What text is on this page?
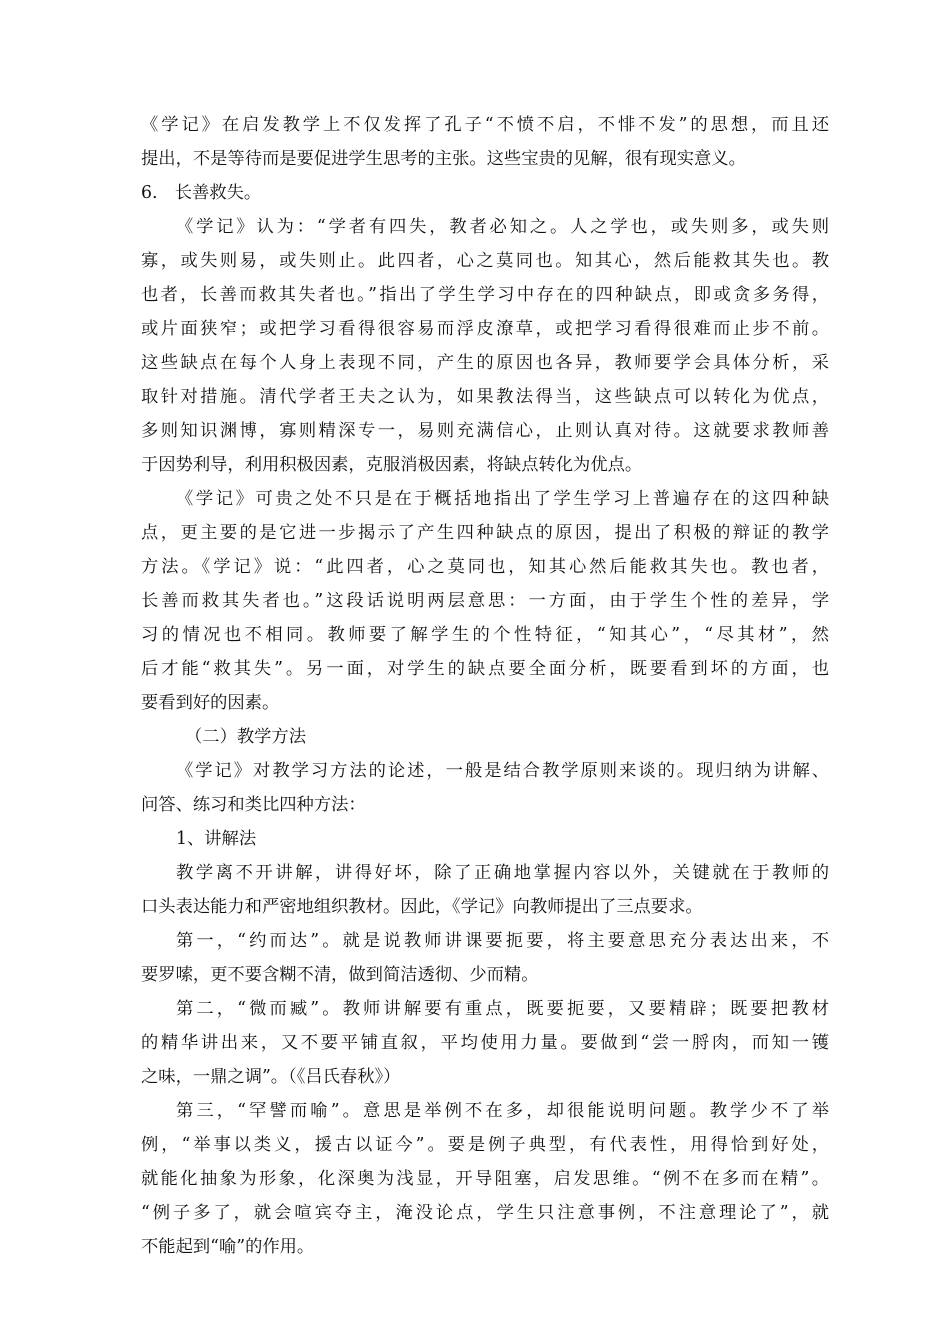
《学记》在启发教学上不仅发挥了孔子“不愤不启，不悱不发”的思想，而且还
提出，不是等待而是要促进学生思考的主张。这些宝贵的见解，很有现实意义。
6.　长善救失。
《学记》认为：“学者有四失，教者必知之。人之学也，或失则多，或失则
寡，或失则易，或失则止。此四者，心之莫同也。知其心，然后能救其失也。教
也者，长善而救其失者也。”指出了学生学习中存在的四种缺点，即或贪多务得，
或片面狭窄；或把学习看得很容易而浮皮潦草，或把学习看得很难而止步不前。
这些缺点在每个人身上表现不同，产生的原因也各异，教师要学会具体分析，采
取针对措施。清代学者王夫之认为，如果教法得当，这些缺点可以转化为优点，
多则知识渊博，寡则精深专一，易则充满信心，止则认真对待。这就要求教师善
于因势利导，利用积极因素，克服消极因素，将缺点转化为优点。
《学记》可贵之处不只是在于概括地指出了学生学习上普遍存在的这四种缺
点，更主要的是它进一步揭示了产生四种缺点的原因，提出了积极的辩证的教学
方法。《学记》说：“此四者，心之莫同也，知其心然后能救其失也。教也者，
长善而救其失者也。”这段话说明两层意思：一方面，由于学生个性的差异，学
习的情况也不相同。教师要了解学生的个性特征，“知其心”，“尽其材”，然
后才能“救其失”。另一面，对学生的缺点要全面分析，既要看到坏的方面，也
要看到好的因素。
（二）教学方法
《学记》对教学习方法的论述，一般是结合教学原则来谈的。现归纳为讲解、
问答、练习和类比四种方法：
1、讲解法
教学离不开讲解，讲得好坏，除了正确地掌握内容以外，关键就在于教师的
口头表达能力和严密地组织教材。因此，《学记》向教师提出了三点要求。
第一，“约而达”。就是说教师讲课要扼要，将主要意思充分表达出来，不
要罗嗦，更不要含糊不清，做到简洁透彻、少而精。
第二，“微而臧”。教师讲解要有重点，既要扼要，又要精辟；既要把教材
的精华讲出来，又不要平铺直叙，平均使用力量。要做到“尝一脟肉，而知一镬
之味，一鼎之调”。（《吕氏春秋》）
第三，“罕譬而喻”。意思是举例不在多，却很能说明问题。教学少不了举
例，“举事以类义，援古以证今”。要是例子典型，有代表性，用得恰到好处，
就能化抽象为形象，化深奥为浅显，开导阻塞，启发思维。“例不在多而在精”。
“例子多了，就会喧宾夺主，淹没论点，学生只注意事例，不注意理论了”，就
不能起到“喻”的作用。
